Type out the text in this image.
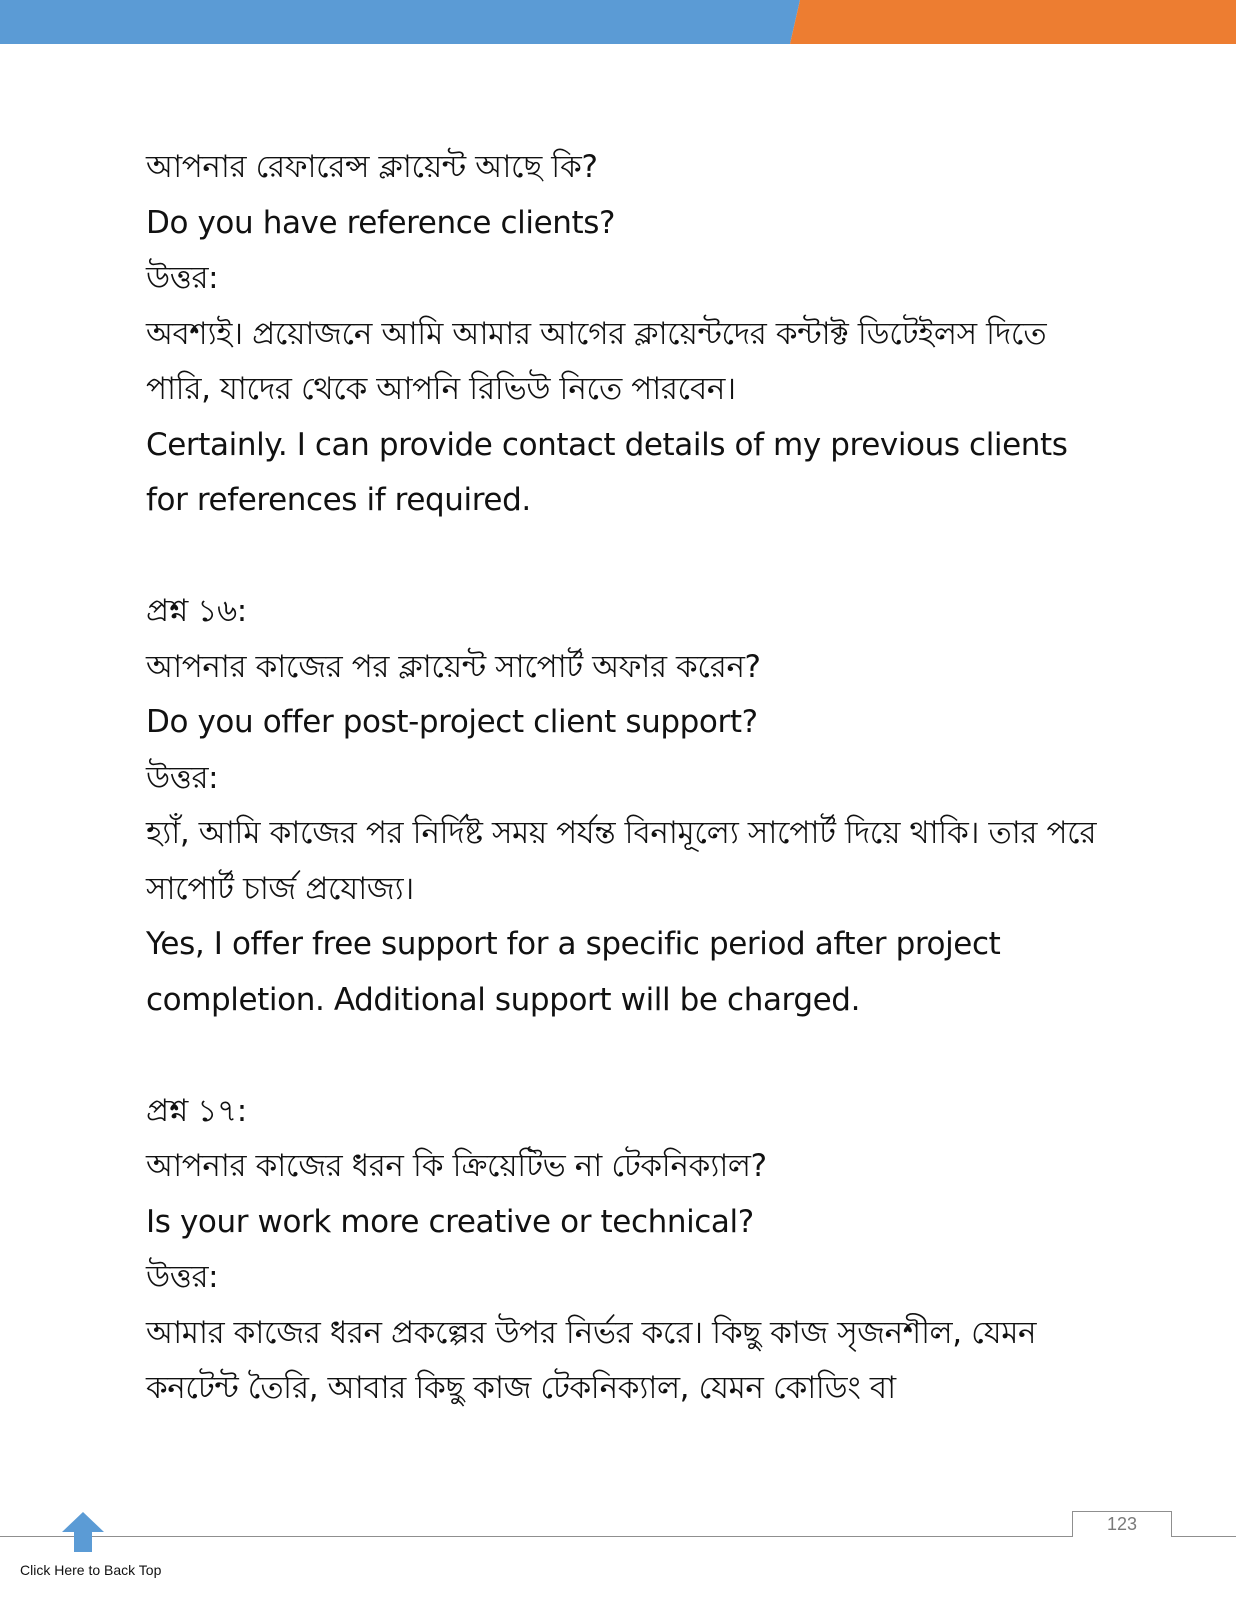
আপনার রেফারেন্স ক্লায়েন্ট আছে কি?

Do you have reference clients?

উত্তর:

অবশ্যই। প্রয়োজনে আমি আমার আগের ক্লায়েন্টদের কন্টাক্ট ডিটেইলস দিতে পারি, যাদের থেকে আপনি রিভিউ নিতে পারবেন।

Certainly. I can provide contact details of my previous clients for references if required.

প্রশ্ন ১৬:

আপনার কাজের পর ক্লায়েন্ট সাপোর্ট অফার করেন?

Do you offer post-project client support?

উত্তর:

হ্যাঁ, আমি কাজের পর নির্দিষ্ট সময় পর্যন্ত বিনামূল্যে সাপোর্ট দিয়ে থাকি। তার পরে সাপোর্ট চার্জ প্রযোজ্য।

Yes, I offer free support for a specific period after project completion. Additional support will be charged.

প্রশ্ন ১৭:

আপনার কাজের ধরন কি ক্রিয়েটিভ না টেকনিক্যাল?

Is your work more creative or technical?

উত্তর:

আমার কাজের ধরন প্রকল্পের উপর নির্ভর করে। কিছু কাজ সৃজনশীল, যেমন কনটেন্ট তৈরি, আবার কিছু কাজ টেকনিক্যাল, যেমন কোডিং বা

123
Click Here to Back Top
